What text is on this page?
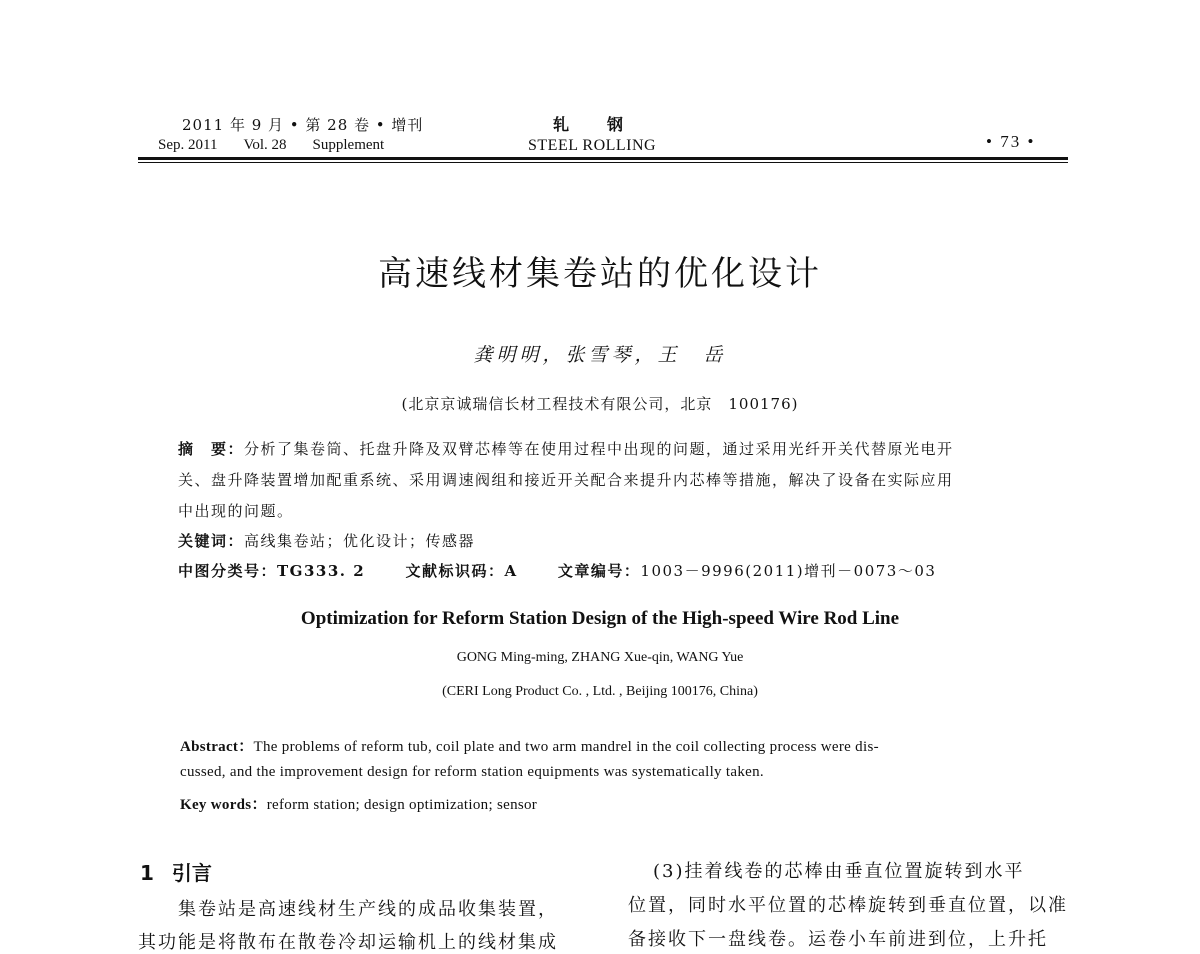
2011 年 9 月 • 第 28 卷 • 增刊
Sep. 2011 Vol. 28 Supplement
轧钢
STEEL ROLLING	• 73 •
高速线材集卷站的优化设计
龚明明，张雪琴，王　岳
(北京京诚瑞信长材工程技术有限公司，北京　100176)
摘　要：分析了集卷筒、托盘升降及双臂芯棒等在使用过程中出现的问题，通过采用光纤开关代替原光电开
关、盘升降装置增加配重系统、采用调速阀组和接近开关配合来提升内芯棒等措施，解决了设备在实际应用
中出现的问题。
关键词：高线集卷站；优化设计；传感器
中图分类号：TG333. 2	文献标识码：A	文章编号：1003－9996(2011)增刊－0073～03
Optimization for Reform Station Design of the High-speed Wire Rod Line
GONG Ming-ming, ZHANG Xue-qin, WANG Yue
(CERI Long Product Co. , Ltd. , Beijing 100176, China)
Abstract：The problems of reform tub, coil plate and two arm mandrel in the coil collecting process were dis-
cussed, and the improvement design for reform station equipments was systematically taken.
Key words：reform station; design optimization; sensor
1 引言
集卷站是高速线材生产线的成品收集装置，
其功能是将散布在散卷冷却运输机上的线材集成
(3)挂着线卷的芯棒由垂直位置旋转到水平
位置，同时水平位置的芯棒旋转到垂直位置，以准
备接收下一盘线卷。运卷小车前进到位，上升托
